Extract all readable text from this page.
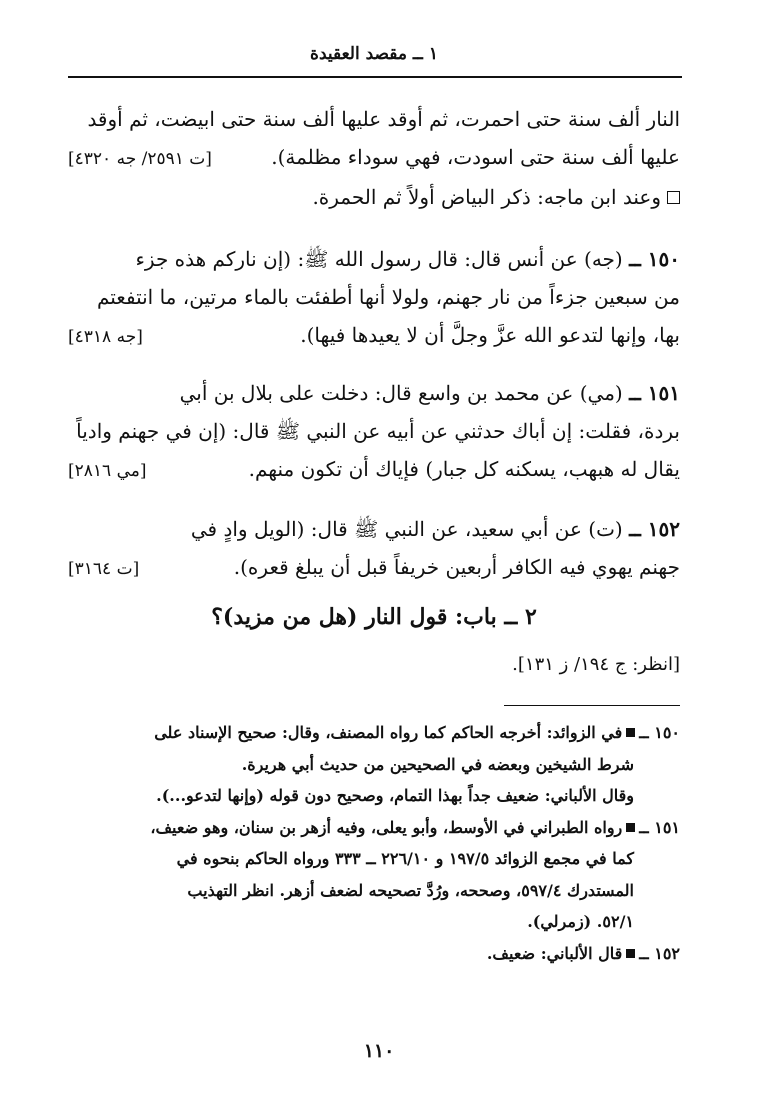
١ ــ مقصد العقيدة
النار ألف سنة حتى احمرت، ثم أوقد عليها ألف سنة حتى ابيضت، ثم أوقد
عليها ألف سنة حتى اسودت، فهي سوداء مظلمة).
[ت ٢٥٩١/ جه ٤٣٢٠]
وعند ابن ماجه: ذكر البياض أولاً ثم الحمرة.
١٥٠ ــ

(جه) عن أنس قال: قال رسول الله ﷺ: (إن ناركم هذه جزء
من سبعين جزءاً من نار جهنم، ولولا أنها أطفئت بالماء مرتين، ما انتفعتم
بها، وإنها لتدعو الله عزَّ وجلَّ أن لا يعيدها فيها).
[جه ٤٣١٨]
١٥١ ــ

(مي) عن محمد بن واسع قال: دخلت على بلال بن أبي
بردة، فقلت: إن أباك حدثني عن أبيه عن النبي ﷺ قال: (إن في جهنم وادياً
يقال له هبهب، يسكنه كل جبار) فإياك أن تكون منهم.
[مي ٢٨١٦]
١٥٢ ــ

(ت) عن أبي سعيد، عن النبي ﷺ قال: (الويل وادٍ في
جهنم يهوي فيه الكافر أربعين خريفاً قبل أن يبلغ قعره).
[ت ٣١٦٤]
٢ ــ باب: قول النار (هل من مزيد)؟
[انظر: ج ١٩٤/ ز ١٣١].
١٥٠ ــفي الزوائد: أخرجه الحاكم كما رواه المصنف، وقال: صحيح الإسناد على
شرط الشيخين وبعضه في الصحيحين من حديث أبي هريرة.
وقال الألباني: ضعيف جداً بهذا التمام، وصحيح دون قوله (وإنها لتدعو...).
١٥١ ــرواه الطبراني في الأوسط، وأبو يعلى، وفيه أزهر بن سنان، وهو ضعيف،
كما في مجمع الزوائد ١٩٧/٥ و ٢٢٦/١٠ ــ ٣٣٣ ورواه الحاكم بنحوه في
المستدرك ٥٩٧/٤، وصححه، ورُدَّ تصحيحه لضعف أزهر. انظر التهذيب
٥٢/١. (زمرلي).
١٥٢ ــقال الألباني: ضعيف.
١١٠
